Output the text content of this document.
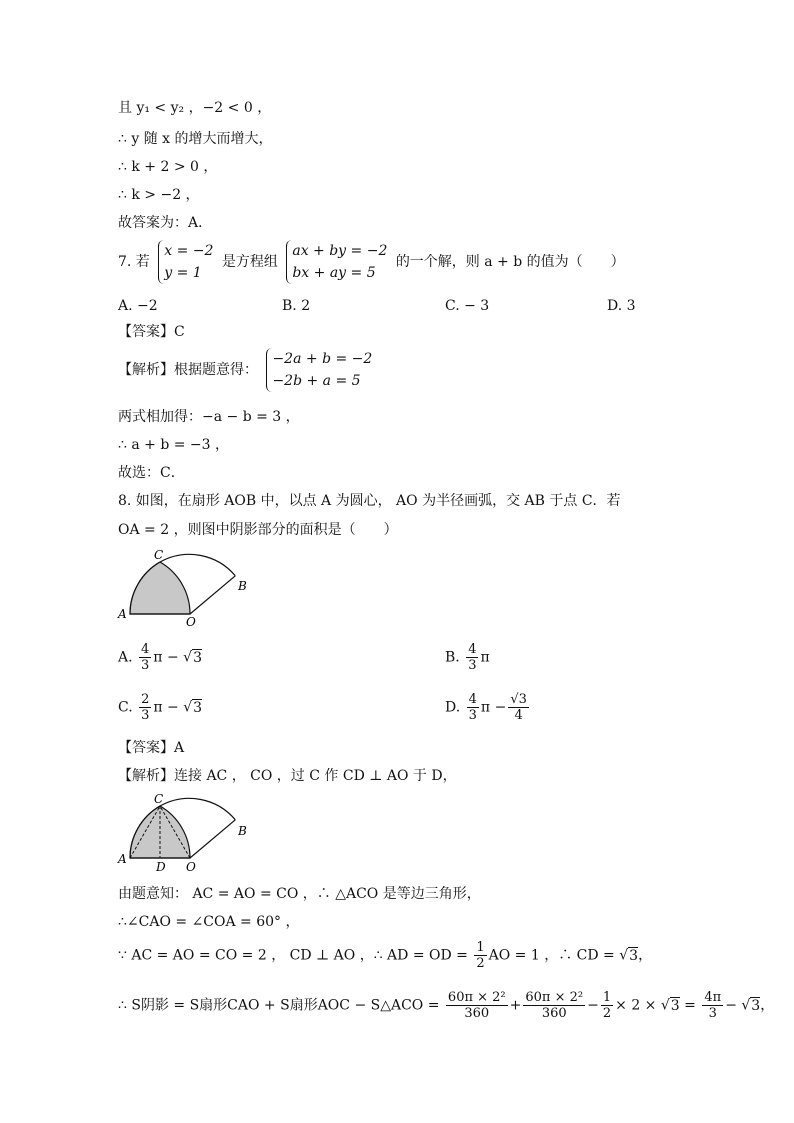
且 y₁ < y₂ ，−2 < 0 ，
∴ y 随 x 的增大而增大，
∴ k + 2 > 0 ，
∴ k > −2 ，
故答案为：A．
7. 若
x = −2
y = 1
是方程组
ax + by = −2
bx + ay = 5
的一个解，则 a + b 的值为（　　）
A. −2	B. 2	C. − 3	D. 3
【答案】C
【解析】根据题意得：
−2a + b = −2
−2b + a = 5
两式相加得：−a − b = 3 ，
∴ a + b = −3 ，
故选：C．
8. 如图，在扇形 AOB 中，以点 A 为圆心， AO 为半径画弧，交 AB 于点 C．若
OA = 2 ，则图中阴影部分的面积是（　　）
C
A
O
B
A. $\frac{4}{3}$ π − √3	B. $\frac{4}{3}$ π
C. $\frac{2}{3}$ π − √3	D. $\frac{4}{3}$ $\pi - \frac{√3}{4}$
【答案】A
【解析】连接 AC ， CO ，过 C 作 CD ⊥ AO 于 D，
C
A
D O
B
由题意知： AC = AO = CO ，∴ △ACO 是等边三角形，
∴∠CAO = ∠COA = 60° ，
∵ AC = AO = CO = 2 ， CD ⊥ AO ，∴ AD = OD = $\frac{1}{2}$ AO = 1 ，∴ CD = √3，
∴ S阴影 = S扇形CAO + S扇形AOC − S△ACO = $\frac{\text{60π × 2²}}{360} + \frac{\text{60π × 2²}}{360} - \frac{1}{2} \times 2 \times √3 = \frac{4\pi}{3} - √3$，
